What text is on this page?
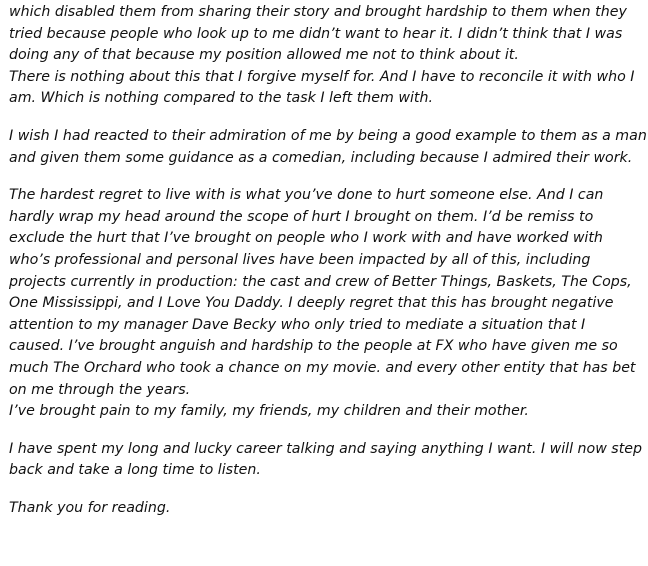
which disabled them from sharing their story and brought hardship to them when they
tried because people who look up to me didn’t want to hear it. I didn’t think that I was
doing any of that because my position allowed me not to think about it.
There is nothing about this that I forgive myself for. And I have to reconcile it with who I
am. Which is nothing compared to the task I left them with.

I wish I had reacted to their admiration of me by being a good example to them as a man
and given them some guidance as a comedian, including because I admired their work.

The hardest regret to live with is what you’ve done to hurt someone else. And I can
hardly wrap my head around the scope of hurt I brought on them. I’d be remiss to
exclude the hurt that I’ve brought on people who I work with and have worked with
who’s professional and personal lives have been impacted by all of this, including
projects currently in production: the cast and crew of Better Things, Baskets, The Cops,
One Mississippi, and I Love You Daddy. I deeply regret that this has brought negative
attention to my manager Dave Becky who only tried to mediate a situation that I
caused. I’ve brought anguish and hardship to the people at FX who have given me so
much The Orchard who took a chance on my movie. and every other entity that has bet
on me through the years.
I’ve brought pain to my family, my friends, my children and their mother.

I have spent my long and lucky career talking and saying anything I want. I will now step
back and take a long time to listen.

Thank you for reading.
